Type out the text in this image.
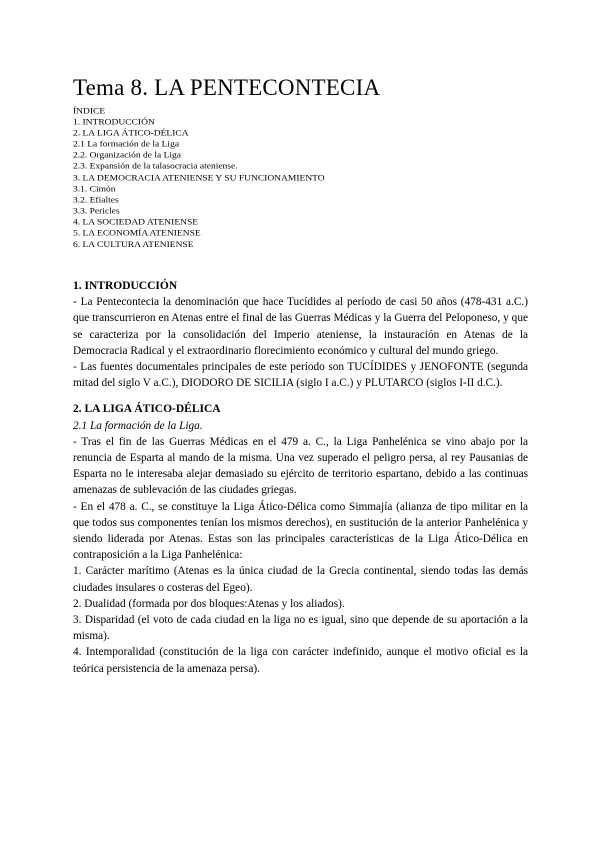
Tema 8. LA PENTECONTECIA
ÍNDICE
1. INTRODUCCIÓN
2. LA LIGA ÁTICO-DÉLICA
2.1 La formación de la Liga
2.2. Organización de la Liga
2.3. Expansión de la talasocracia ateniense.
3. LA DEMOCRACIA ATENIENSE Y SU FUNCIONAMIENTO
3.1. Cimón
3.2. Efialtes
3.3. Pericles
4. LA SOCIEDAD ATENIENSE
5. LA ECONOMÍA ATENIENSE
6. LA CULTURA ATENIENSE
1. INTRODUCCIÓN

- La Pentecontecia la denominación que hace Tucídides al período de casi 50 años (478-431 a.C.) que transcurrieron en Atenas entre el final de las Guerras Médicas y la Guerra del Peloponeso, y que se caracteriza por la consolidación del Imperio ateniense, la instauración en Atenas de la Democracia Radical y el extraordinario florecimiento económico y cultural del mundo griego.

- Las fuentes documentales principales de este período son TUCÍDIDES y JENOFONTE (segunda mitad del siglo V a.C.), DIODORO DE SICILIA (siglo I a.C.) y PLUTARCO (siglos I-II d.C.).

2. LA LIGA ÁTICO-DÉLICA
2.1 La formación de la Liga.

- Tras el fin de las Guerras Médicas en el 479 a. C., la Liga Panhelénica se vino abajo por la renuncia de Esparta al mando de la misma. Una vez superado el peligro persa, al rey Pausanias de Esparta no le interesaba alejar demasiado su ejército de territorio espartano, debido a las continuas amenazas de sublevación de las ciudades griegas.

- En el 478 a. C., se constituye la Liga Ático-Délica como Simmajía (alianza de tipo militar en la que todos sus componentes tenían los mismos derechos), en sustitución de la anterior Panhelénica y siendo liderada por Atenas. Estas son las principales características de la Liga Ático-Délica en contraposición a la Liga Panhelénica:

1. Carácter marítimo (Atenas es la única ciudad de la Grecia continental, siendo todas las demás ciudades insulares o costeras del Egeo).

2. Dualidad (formada por dos bloques:Atenas y los aliados).

3. Disparidad (el voto de cada ciudad en la liga no es igual, sino que depende de su aportación a la misma).

4. Intemporalidad (constitución de la liga con carácter indefinido, aunque el motivo oficial es la teórica persistencia de la amenaza persa).
